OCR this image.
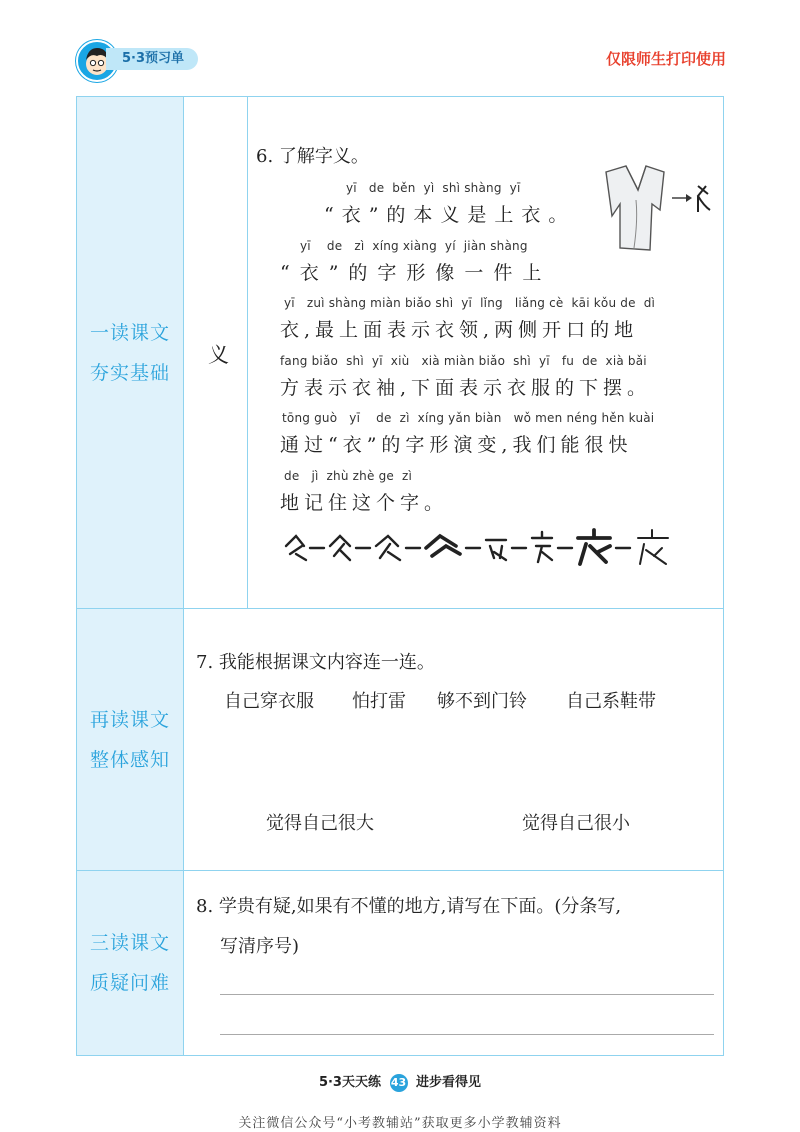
5·3预习单	仅限师生打印使用
一读课文
夯实基础
义
再读课文
整体感知
三读课文
质疑问难
6. 了解字义。
yī   de  běn  yì  shì shàng  yī
“衣”的本义是上衣。
yī    de   zì  xíng xiàng  yí  jiàn shàng
“衣”的字形像一件上
yī   zuì shàng miàn biǎo shì  yī  lǐng   liǎng cè  kāi kǒu de  dì
衣,最上面表示衣领,两侧开口的地
fang biǎo  shì  yī  xiù   xià miàn biǎo  shì  yī   fu  de  xià bǎi
方表示衣袖,下面表示衣服的下摆。
tōng guò   yī    de  zì  xíng yǎn biàn   wǒ men néng hěn kuài
通过“衣”的字形演变,我们能很快
de   jì  zhù zhè ge  zì
地记住这个字。
7. 我能根据课文内容连一连。
自己穿衣服 怕打雷 够不到门铃 自己系鞋带
觉得自己很大	觉得自己很小
8. 学贵有疑,如果有不懂的地方,请写在下面。(分条写,
写清序号)
5·3天天练 43 进步看得见
关注微信公众号“小考教辅站”获取更多小学教辅资料
